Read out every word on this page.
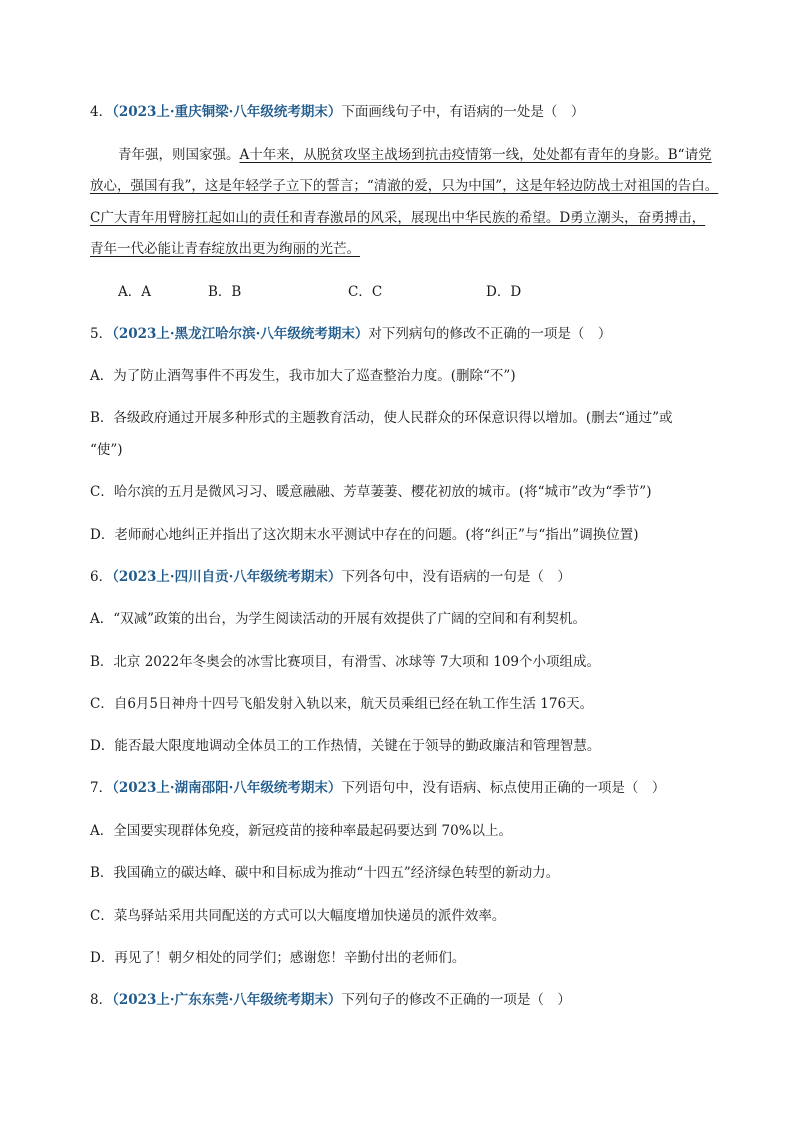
4．（2023上·重庆铜梁·八年级统考期末）下面画线句子中，有语病的一处是（　）
青年强，则国家强。A十年来，从脱贫攻坚主战场到抗击疫情第一线，处处都有青年的身影。B“请党
放心，强国有我”，这是年轻学子立下的誓言；“清澈的爱，只为中国”，这是年轻边防战士对祖国的告白。
C广大青年用臂膀扛起如山的责任和青春激昂的风采，展现出中华民族的希望。D勇立潮头，奋勇搏击，
青年一代必能让青春绽放出更为绚丽的光芒。
A．A	B．B	C．C	D．D
5．（2023上·黑龙江哈尔滨·八年级统考期末）对下列病句的修改不正确的一项是（　）
A．为了防止酒驾事件不再发生，我市加大了巡查整治力度。(删除“不”)
B．各级政府通过开展多种形式的主题教育活动，使人民群众的环保意识得以增加。(删去“通过”或
“使”)
C．哈尔滨的五月是微风习习、暖意融融、芳草萋萋、樱花初放的城市。(将“城市”改为“季节”)
D．老师耐心地纠正并指出了这次期末水平测试中存在的问题。(将“纠正”与“指出”调换位置)
6．（2023上·四川自贡·八年级统考期末）下列各句中，没有语病的一句是（　）
A．“双减”政策的出台，为学生阅读活动的开展有效提供了广阔的空间和有利契机。
B．北京 2022年冬奥会的冰雪比赛项目，有滑雪、冰球等 7大项和 109个小项组成。
C．自6月5日神舟十四号飞船发射入轨以来，航天员乘组已经在轨工作生活 176天。
D．能否最大限度地调动全体员工的工作热情，关键在于领导的勤政廉洁和管理智慧。
7．（2023上·湖南邵阳·八年级统考期末）下列语句中，没有语病、标点使用正确的一项是（　）
A．全国要实现群体免疫，新冠疫苗的接种率最起码要达到 70%以上。
B．我国确立的碳达峰、碳中和目标成为推动“十四五”经济绿色转型的新动力。
C．菜鸟驿站采用共同配送的方式可以大幅度增加快递员的派件效率。
D．再见了！朝夕相处的同学们；感谢您！辛勤付出的老师们。
8．（2023上·广东东莞·八年级统考期末）下列句子的修改不正确的一项是（　）
